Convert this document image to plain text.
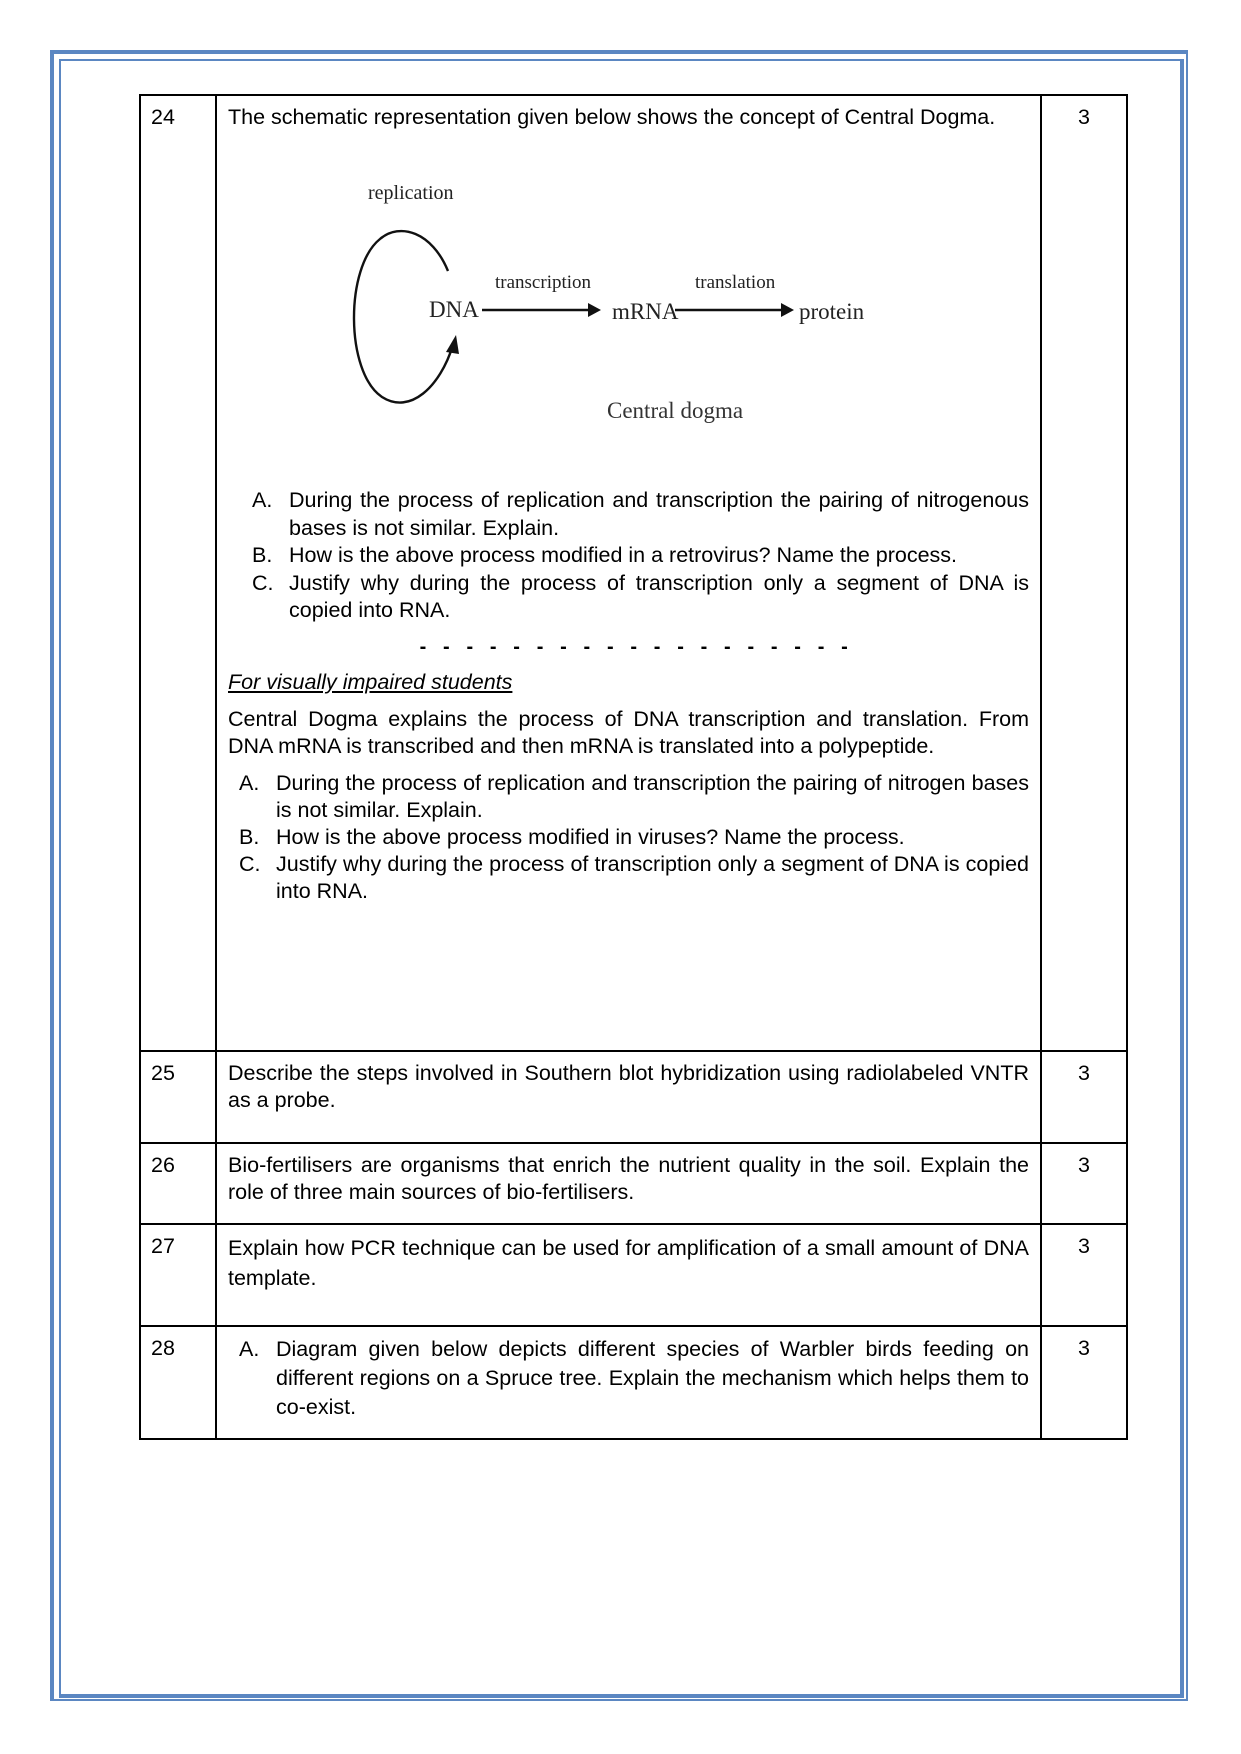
24	The schematic representation given below shows the concept of Central Dogma.

replication
DNA
transcription
mRNA
translation
protein
Central dogma
A. During the process of replication and transcription the pairing of nitrogenous bases is not similar. Explain.
B. How is the above process modified in a retrovirus? Name the process.
C. Justify why during the process of transcription only a segment of DNA is copied into RNA.
- - - - - - - - - - - - - - - - - - -

For visually impaired students

Central Dogma explains the process of DNA transcription and translation. From DNA mRNA is transcribed and then mRNA is translated into a polypeptide.

A. During the process of replication and transcription the pairing of nitrogen bases is not similar. Explain.
B. How is the above process modified in viruses? Name the process.
C. Justify why during the process of transcription only a segment of DNA is copied into RNA.
	3
25	Describe the steps involved in Southern blot hybridization using radiolabeled VNTR as a probe.	3
26	Bio-fertilisers are organisms that enrich the nutrient quality in the soil. Explain the role of three main sources of bio-fertilisers.	3
27	Explain how PCR technique can be used for amplification of a small amount of DNA template.	3
28	A. Diagram given below depicts different species of Warbler birds feeding on different regions on a Spruce tree. Explain the mechanism which helps them to co-exist.
	3
